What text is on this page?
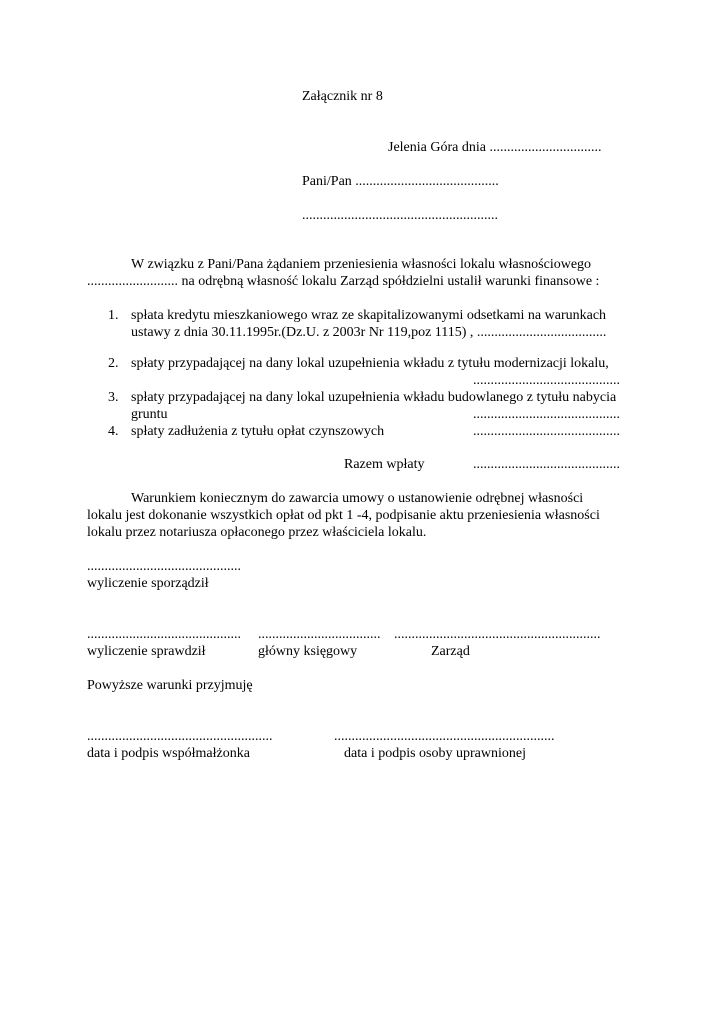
Załącznik nr 8
Jelenia Góra dnia ................................
Pani/Pan .........................................
........................................................
W związku z Pani/Pana żądaniem przeniesienia własności lokalu własnościowego
.......................... na odrębną własność lokalu Zarząd spółdzielni ustalił warunki finansowe :
1. spłata kredytu mieszkaniowego wraz ze skapitalizowanymi odsetkami na warunkach
ustawy z dnia 30.11.1995r.(Dz.U. z 2003r Nr 119,poz 1115) , .....................................
2. spłaty przypadającej na dany lokal uzupełnienia wkładu z tytułu modernizacji lokalu,
..........................................
3. spłaty przypadającej na dany lokal uzupełnienia wkładu budowlanego z tytułu nabycia
gruntu	..........................................
4. spłaty zadłużenia z tytułu opłat czynszowych	..........................................
Razem wpłaty	..........................................
Warunkiem koniecznym do zawarcia umowy o ustanowienie odrębnej własności
lokalu jest dokonanie wszystkich opłat od pkt 1 -4, podpisanie aktu przeniesienia własności
lokalu przez notariusza opłaconego przez właściciela lokalu.
............................................
wyliczenie sporządził
............................................ ................................... ...........................................................
wyliczenie sprawdził	główny księgowy	Zarząd
Powyższe warunki przyjmuję
.....................................................	...............................................................
data i podpis współmałżonka	data i podpis osoby uprawnionej
